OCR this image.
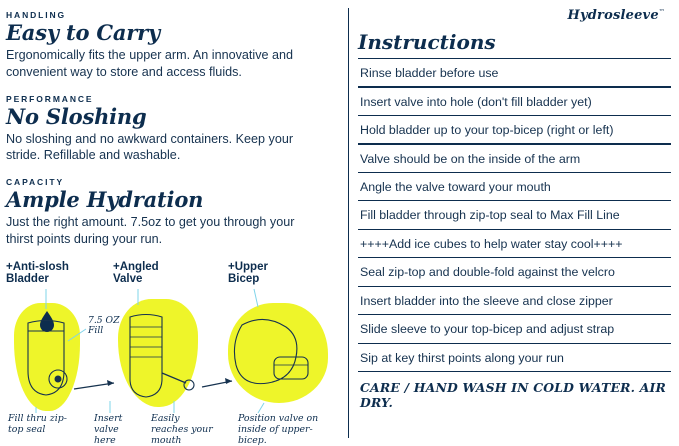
HANDLING
Easy to Carry

Ergonomically fits the upper arm. An innovative and convenient way to store and access fluids.

PERFORMANCE
No Sloshing

No sloshing and no awkward containers. Keep your stride. Refillable and washable.

CAPACITY
Ample Hydration

Just the right amount. 7.5oz to get you through your thirst points during your run.

+Anti-slosh Bladder
+Angled Valve
+Upper Bicep
7.5 OZ Fill
Fill thru zip-top seal
Insert valve here
Easily reaches your mouth
Position valve on inside of upper-bicep.
Hydrosleeve™
Instructions
Rinse bladder before use
Insert valve into hole (don't fill bladder yet)
Hold bladder up to your top-bicep (right or left)
Valve should be on the inside of the arm
Angle the valve toward your mouth
Fill bladder through zip-top seal to Max Fill Line
++++Add ice cubes to help water stay cool++++
Seal zip-top and double-fold against the velcro
Insert bladder into the sleeve and close zipper
Slide sleeve to your top-bicep and adjust strap
Sip at key thirst points along your run
CARE / HAND WASH IN COLD WATER. AIR DRY.
